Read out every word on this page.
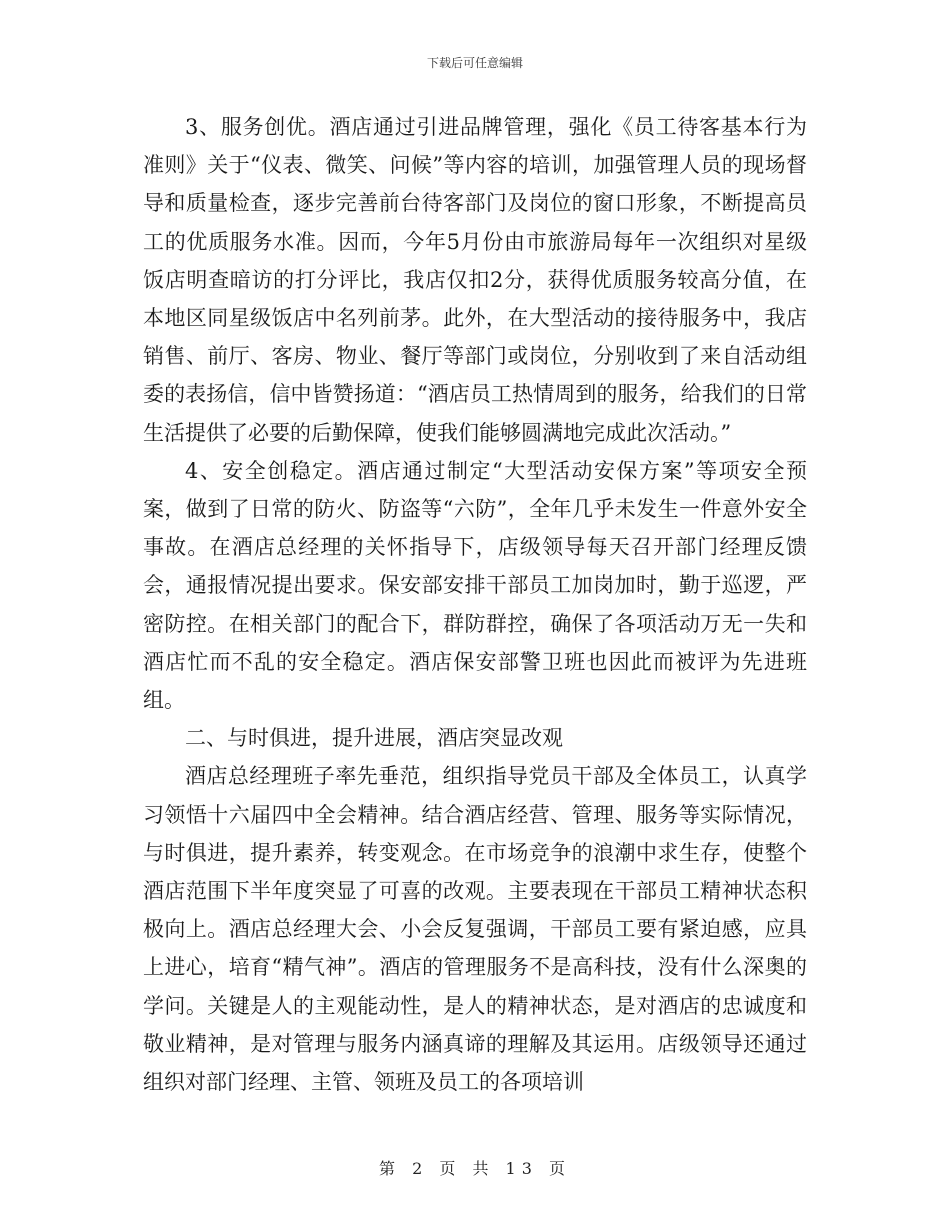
下载后可任意编辑

3、服务创优。酒店通过引进品牌管理，强化《员工待客基本行为准则》关于“仪表、微笑、问候”等内容的培训，加强管理人员的现场督导和质量检查，逐步完善前台待客部门及岗位的窗口形象，不断提高员工的优质服务水准。因而，今年5月份由市旅游局每年一次组织对星级饭店明查暗访的打分评比，我店仅扣2分，获得优质服务较高分值，在本地区同星级饭店中名列前茅。此外，在大型活动的接待服务中，我店销售、前厅、客房、物业、餐厅等部门或岗位，分别收到了来自活动组委的表扬信，信中皆赞扬道：“酒店员工热情周到的服务，给我们的日常生活提供了必要的后勤保障，使我们能够圆满地完成此次活动。”

4、安全创稳定。酒店通过制定“大型活动安保方案”等项安全预案，做到了日常的防火、防盗等“六防”，全年几乎未发生一件意外安全事故。在酒店总经理的关怀指导下，店级领导每天召开部门经理反馈会，通报情况提出要求。保安部安排干部员工加岗加时，勤于巡逻，严密防控。在相关部门的配合下，群防群控，确保了各项活动万无一失和酒店忙而不乱的安全稳定。酒店保安部警卫班也因此而被评为先进班组。

二、与时俱进，提升进展，酒店突显改观

酒店总经理班子率先垂范，组织指导党员干部及全体员工，认真学习领悟十六届四中全会精神。结合酒店经营、管理、服务等实际情况，与时俱进，提升素养，转变观念。在市场竞争的浪潮中求生存，使整个酒店范围下半年度突显了可喜的改观。主要表现在干部员工精神状态积极向上。酒店总经理大会、小会反复强调，干部员工要有紧迫感，应具上进心，培育“精气神”。酒店的管理服务不是高科技，没有什么深奥的学问。关键是人的主观能动性，是人的精神状态，是对酒店的忠诚度和敬业精神，是对管理与服务内涵真谛的理解及其运用。店级领导还通过组织对部门经理、主管、领班及员工的各项培训

第 2 页 共 13 页
